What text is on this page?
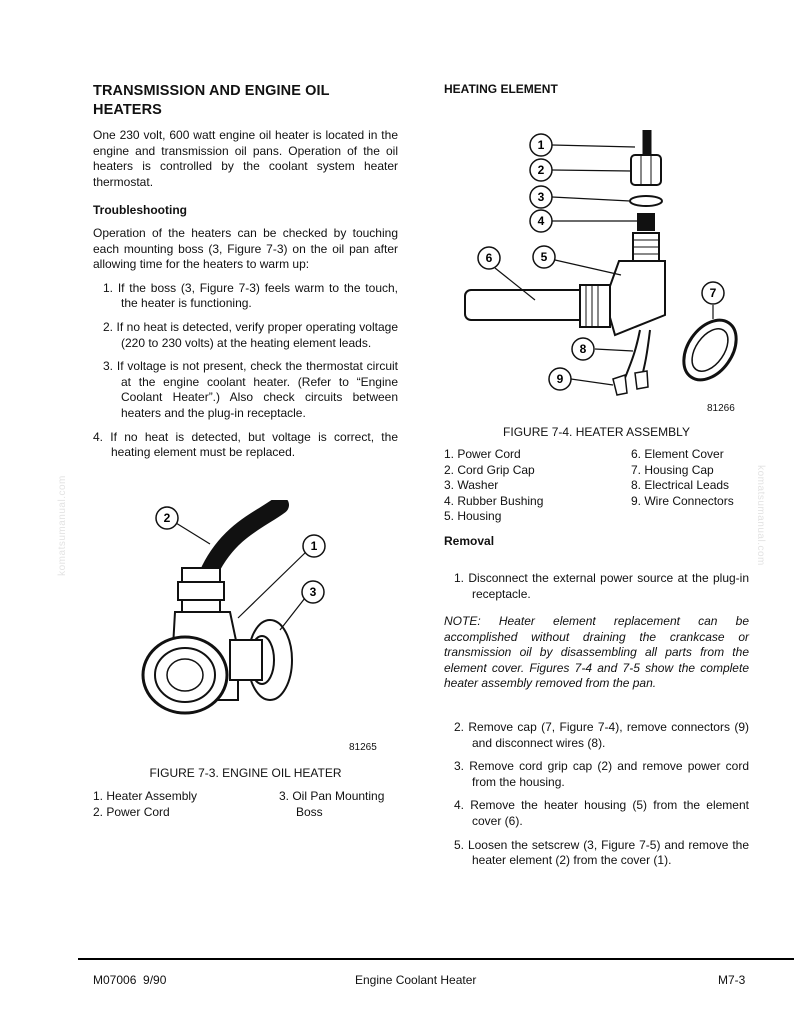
TRANSMISSION AND ENGINE OIL HEATERS

One 230 volt, 600 watt engine oil heater is located in the engine and transmission oil pans. Operation of the oil heaters is controlled by the coolant system heater thermostat.

Troubleshooting

Operation of the heaters can be checked by touching each mounting boss (3, Figure 7-3) on the oil pan after allowing time for the heaters to warm up:

1. If the boss (3, Figure 7-3) feels warm to the touch, the heater is functioning.
2. If no heat is detected, verify proper operating voltage (220 to 230 volts) at the heating element leads.
3. If voltage is not present, check the thermostat circuit at the engine coolant heater. (Refer to “Engine Coolant Heater”.) Also check circuits between heaters and the plug-in receptacle.
4. If no heat is detected, but voltage is correct, the heating element must be replaced.
1
2
3
81265
FIGURE 7-3. ENGINE OIL HEATER
1. Heater Assembly	3. Oil Pan Mounting
2. Power Cord	Boss
HEATING ELEMENT
1
2
3
4
5
6
7
8
9
81266
FIGURE 7-4. HEATER ASSEMBLY
1. Power Cord	6. Element Cover
2. Cord Grip Cap	7. Housing Cap
3. Washer	8. Electrical Leads
4. Rubber Bushing	9. Wire Connectors
5. Housing
Removal
1. Disconnect the external power source at the plug-in receptacle.

NOTE: Heater element replacement can be accomplished without draining the crankcase or transmission oil by disassembling all parts from the element cover. Figures 7-4 and 7-5 show the complete heater assembly removed from the pan.

2. Remove cap (7, Figure 7-4), remove connectors (9) and disconnect wires (8).
3. Remove cord grip cap (2) and remove power cord from the housing.
4. Remove the heater housing (5) from the element cover (6).
5. Loosen the setscrew (3, Figure 7-5) and remove the heater element (2) from the cover (1).
komatsumanual.com	komatsumanual.com
M07006  9/90	Engine Coolant Heater	M7-3
